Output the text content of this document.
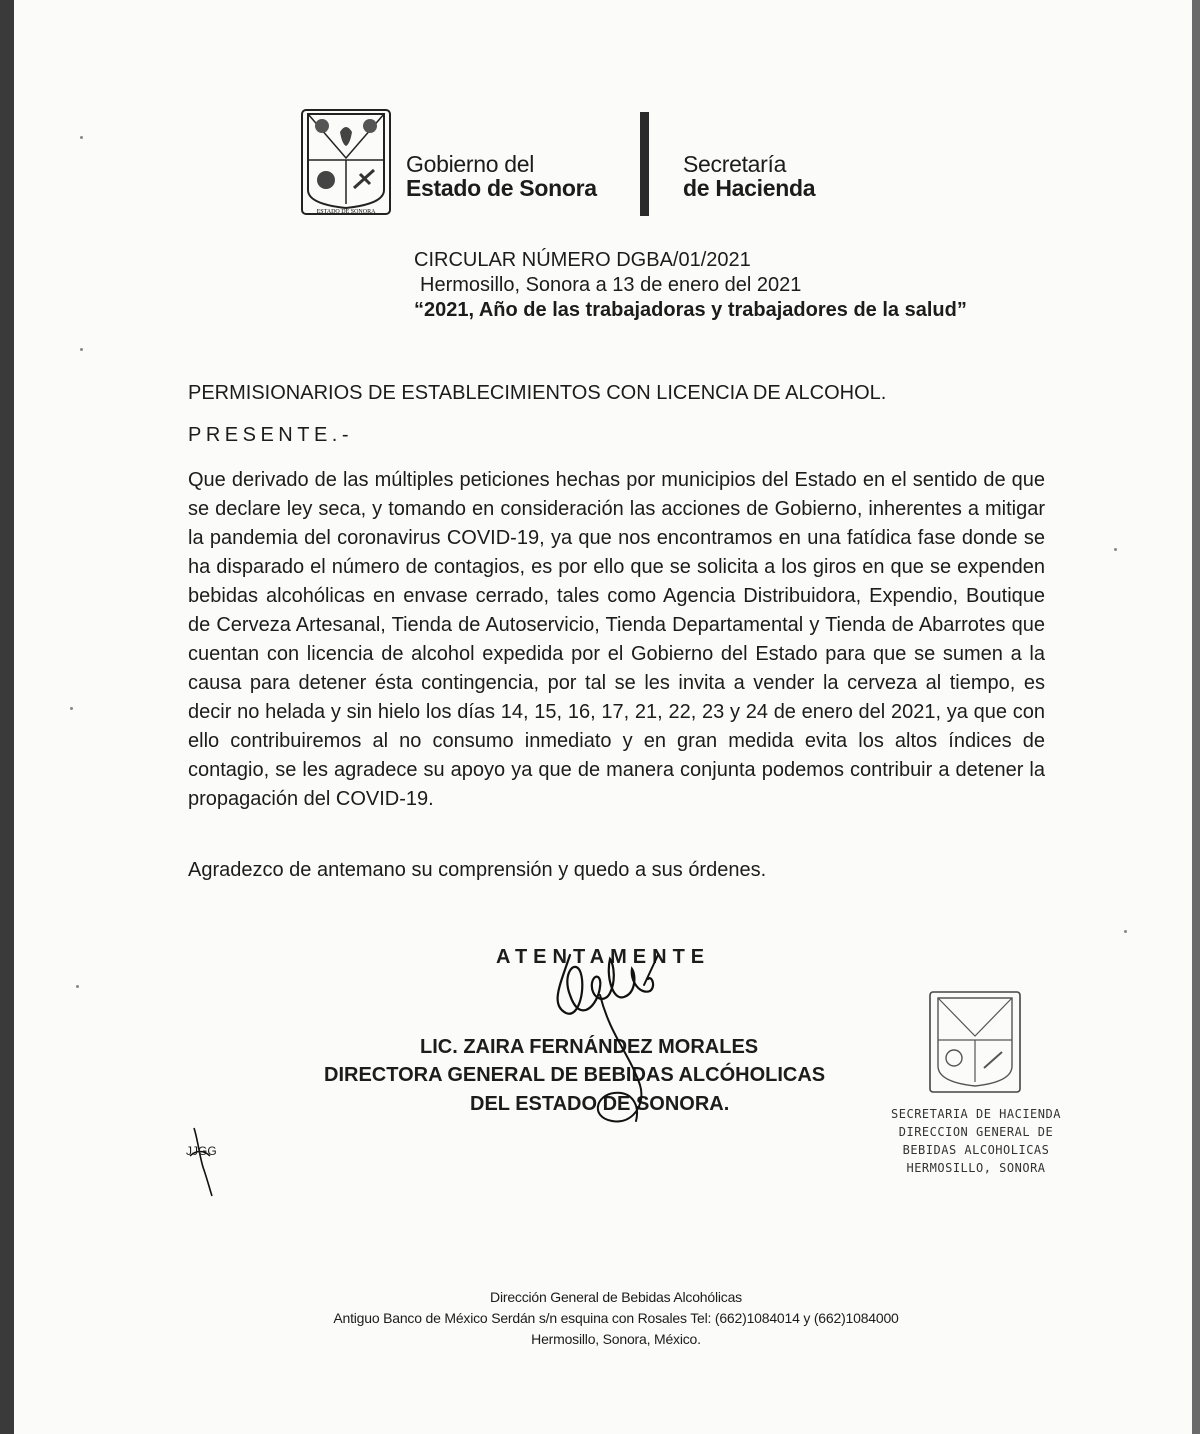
ESTADO DE SONORA
Gobierno del
Estado de Sonora
Secretaría
de Hacienda
CIRCULAR NÚMERO DGBA/01/2021
Hermosillo, Sonora a 13 de enero del 2021
“2021, Año de las trabajadoras y trabajadores de la salud”
PERMISIONARIOS DE ESTABLECIMIENTOS CON LICENCIA DE ALCOHOL.
PRESENTE.-

Que derivado de las múltiples peticiones hechas por municipios del Estado en el sentido de que se declare ley seca, y tomando en consideración las acciones de Gobierno, inherentes a mitigar la pandemia del coronavirus COVID-19, ya que nos encontramos en una fatídica fase donde se ha disparado el número de contagios, es por ello que se solicita a los giros en que se expenden bebidas alcohólicas en envase cerrado, tales como Agencia Distribuidora, Expendio, Boutique de Cerveza Artesanal, Tienda de Autoservicio, Tienda Departamental y Tienda de Abarrotes que cuentan con licencia de alcohol expedida por el Gobierno del Estado para que se sumen a la causa para detener ésta contingencia, por tal se les invita a vender la cerveza al tiempo, es decir no helada y sin hielo los días 14, 15, 16, 17, 21, 22, 23 y 24 de enero del 2021, ya que con ello contribuiremos al no consumo inmediato y en gran medida evita los altos índices de contagio, se les agradece su apoyo ya que de manera conjunta podemos contribuir a detener la propagación del COVID-19.

Agradezco de antemano su comprensión y quedo a sus órdenes.
ATENTAMENTE
LIC. ZAIRA FERNÁNDEZ MORALES
DIRECTORA GENERAL DE BEBIDAS ALCÓHOLICAS
DEL ESTADO DE SONORA.
JJGG
SECRETARIA DE HACIENDA
DIRECCION GENERAL DE
BEBIDAS ALCOHOLICAS
HERMOSILLO, SONORA
Dirección General de Bebidas Alcohólicas
Antiguo Banco de México Serdán s/n esquina con Rosales Tel: (662)1084014 y (662)1084000
Hermosillo, Sonora, México.
